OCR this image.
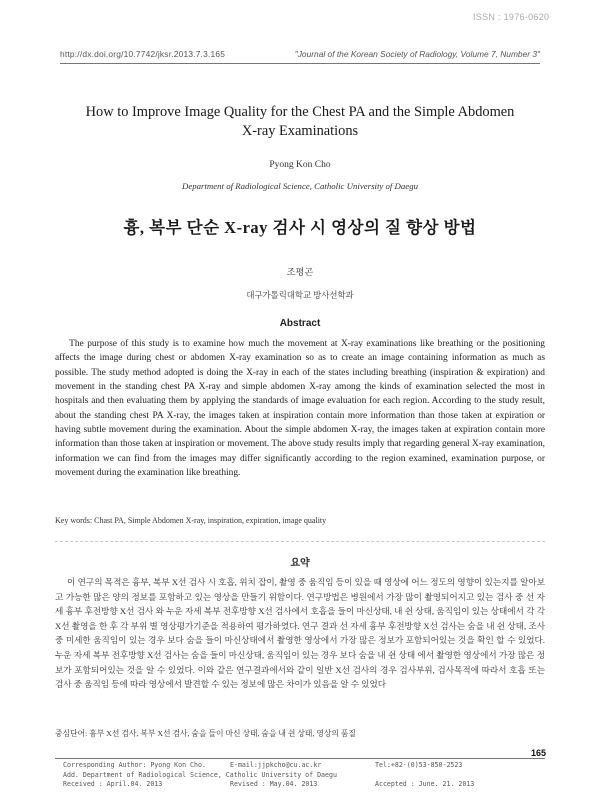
ISSN : 1976-0620
http://dx.doi.org/10.7742/jksr.2013.7.3.165	"Journal of the Korean Society of Radiology, Volume 7, Number 3"
How to Improve Image Quality for the Chest PA and the Simple Abdomen
X-ray Examinations
Pyong Kon Cho
Department of Radiological Science, Catholic University of Daegu
흉, 복부 단순 X-ray 검사 시 영상의 질 향상 방법
조평곤
대구가톨릭대학교 방사선학과
Abstract

The purpose of this study is to examine how much the movement at X-ray examinations like breathing or the positioning affects the image during chest or abdomen X-ray examination so as to create an image containing information as much as possible. The study method adopted is doing the X-ray in each of the states including breathing (inspiration & expiration) and movement in the standing chest PA X-ray and simple abdomen X-ray among the kinds of examination selected the most in hospitals and then evaluating them by applying the standards of image evaluation for each region. According to the study result, about the standing chest PA X-ray, the images taken at inspiration contain more information than those taken at expiration or having subtle movement during the examination. About the simple abdomen X-ray, the images taken at expiration contain more information than those taken at inspiration or movement. The above study results imply that regarding general X-ray examination, information we can find from the images may differ significantly according to the region examined, examination purpose, or movement during the examination like breathing.

Key words: Chast PA, Simple Abdomen X-ray, inspiration, expiration, image quality
요약

이 연구의 목적은 흉부, 복부 X선 검사 시 호흡, 위치 잡이, 촬영 중 움직임 등이 있을 때 영상에 어느 정도의 영향이 있는지를 알아보고 가능한 많은 양의 정보를 포함하고 있는 영상을 만들기 위함이다. 연구방법은 병원에서 가장 많이 촬영되어지고 있는 검사 중 선 자세 흉부 후전방향 X선 검사 와 누운 자세 복부 전후방향 X선 검사에서 호흡을 들이 마신상태, 내 쉰 상태, 움직임이 있는 상태에서 각 각 X선 촬영을 한 후 각 부위 별 영상평가기준을 적용하여 평가하였다. 연구 결과 선 자세 흉부 후전방향 X선 검사는 숨을 내 쉰 상태, 조사 중 미세한 움직임이 있는 경우 보다 숨을 들이 마신상태에서 촬영한 영상에서 가장 많은 정보가 포함되어있는 것을 확인 할 수 있었다. 누운 자세 복부 전후방향 X선 검사는 숨을 들이 마신상태, 움직임이 있는 경우 보다 숨을 내 쉰 상태 에서 촬영한 영상에서 가장 많은 정보가 포함되어있는 것을 알 수 있었다. 이와 같은 연구결과에서와 같이 일반 X선 검사의 경우 검사부위, 검사목적에 따라서 호흡 또는 검사 중 움직임 등에 따라 영상에서 발견할 수 있는 정보에 많은 차이가 있음을 알 수 있었다

중심단어: 흉부 X선 검사, 복부 X선 검사, 숨을 들이 마신 상태, 숨을 내 쉰 상태, 영상의 품질
165
Corresponding Author: Pyong Kon Cho.	E-mail:jjpkcho@cu.ac.kr	Tel:+82-(0)53-850-2523
Add. Department of Radiological Science, Catholic University of Daegu
Received : April.04. 2013	Revised : May.04. 2013	Accepted : June. 21. 2013
